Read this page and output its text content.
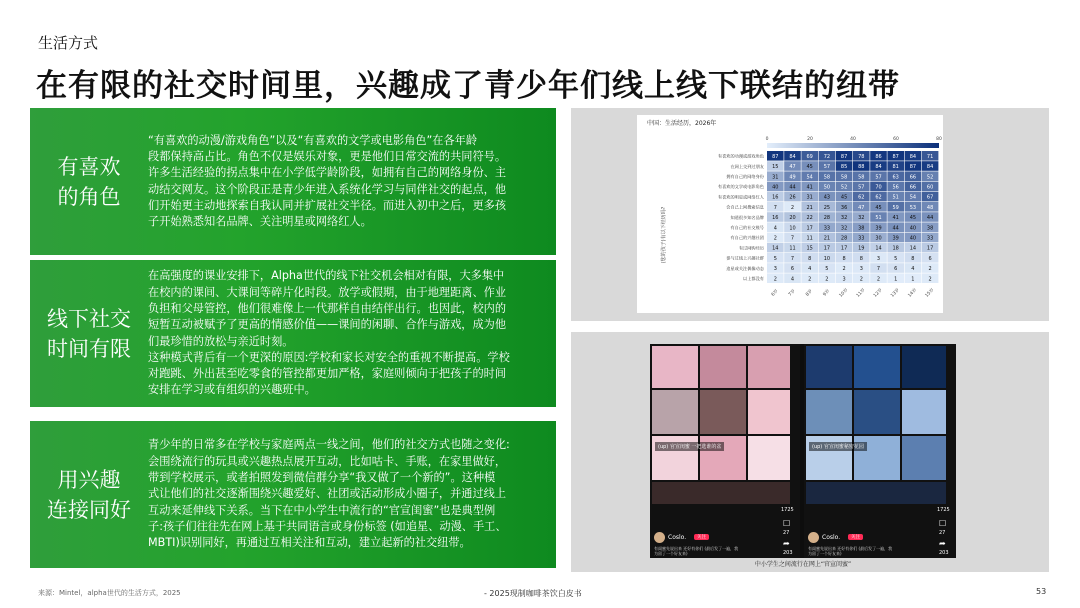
生活方式
在有限的社交时间里，兴趣成了青少年们线上线下联结的纽带
有喜欢
的角色
“有喜欢的动漫/游戏角色”以及“有喜欢的文学或电影角色”在各年龄
段都保持高占比。角色不仅是娱乐对象，更是他们日常交流的共同符号。
许多生活经验的拐点集中在小学低学龄阶段，如拥有自己的网络身份、主
动结交网友。这个阶段正是青少年进入系统化学习与同伴社交的起点，他
们开始更主动地探索自我认同并扩展社交半径。而进入初中之后，更多孩
子开始熟悉知名品牌、关注明星或网络红人。
线下社交
时间有限
在高强度的课业安排下，Alpha世代的线下社交机会相对有限，大多集中
在校内的课间、大课间等碎片化时段。放学或假期，由于地理距离、作业
负担和父母管控，他们很难像上一代那样自由结伴出行。也因此，校内的
短暂互动被赋予了更高的情感价值——课间的闲聊、合作与游戏，成为他
们最珍惜的放松与亲近时刻。
这种模式背后有一个更深的原因:学校和家长对安全的重视不断提高。学校
对跑跳、外出甚至吃零食的管控都更加严格，家庭则倾向于把孩子的时间
安排在学习或有组织的兴趣班中。
用兴趣
连接同好
青少年的日常多在学校与家庭两点一线之间，他们的社交方式也随之变化:
会围绕流行的玩具或兴趣热点展开互动，比如咕卡、手账，在家里做好，
带到学校展示，或者拍照发到微信群分享“我又做了一个新的”。这种模
式让他们的社交逐渐围绕兴趣爱好、社团或活动形成小圈子，并通过线上
互动来延伸线下关系。当下在中小学生中流行的“官宣闺蜜”也是典型例
子:孩子们往往先在网上基于共同语言或身份标签 (如追星、动漫、手工、
MBTI)识别同好，再通过互相关注和互动，建立起新的社交纽带。
中国：生活经历，2026年
0	20	40	60	80
(您的孩子)有以下经历吗?
有喜欢的动漫或游戏角色 87 84 69 72 87 78 86 87 84 71
在网上交到过朋友 15 47 45 57 85 88 84 81 87 84
拥有自己的网络身份 31 49 54 58 58 58 57 63 66 52
有喜欢的文学或电影角色 40 44 41 50 52 57 70 56 66 60
有喜欢的明星或网络红人 16 26 31 43 45 62 62 51 54 67
会自己上网搜索信息 7	2 21 25 36 47 45 59 53 48
知道很多知名品牌 16 20 22 28 32 32 51 41 45 44
有自己的社交账号 4 10 17 33 32 38 39 44 40 38
有自己的兴趣社团 2	7 11 21 28 33 30 39 40 33
有过网购经历 14 11 15 17 17 19 14 18 14 17
参与过线上兴趣社群 5	7	8 10 8	8	3	5	8	6
追星或关注偶像动态 3	6	4	5	2	3	7	6	4	2
以上都没有 2	4	2	2	3	2	2	1	1	2
6岁	7岁	8岁	9岁	10岁	11岁	12岁	13岁	14岁	15岁
(up) 官宣闺蜜 一把选谁的盆
Coslo.	关注
有闺蜜先说出来 还好有你们 (最后发了一遍，我
为留了一个好友来)
1725
☐
27
➦
203
(up) 官宣闺蜜秘密花园
Coslo.	关注
有闺蜜先说出来 还好有你们 (最后发了一遍，我
为留了一个好友来)
1725
☐
27
➦
203
中小学生之间流行在网上“官宣闺蜜”
来源：Mintel，alpha世代的生活方式，2025	- 2025现制咖啡茶饮白皮书	53
